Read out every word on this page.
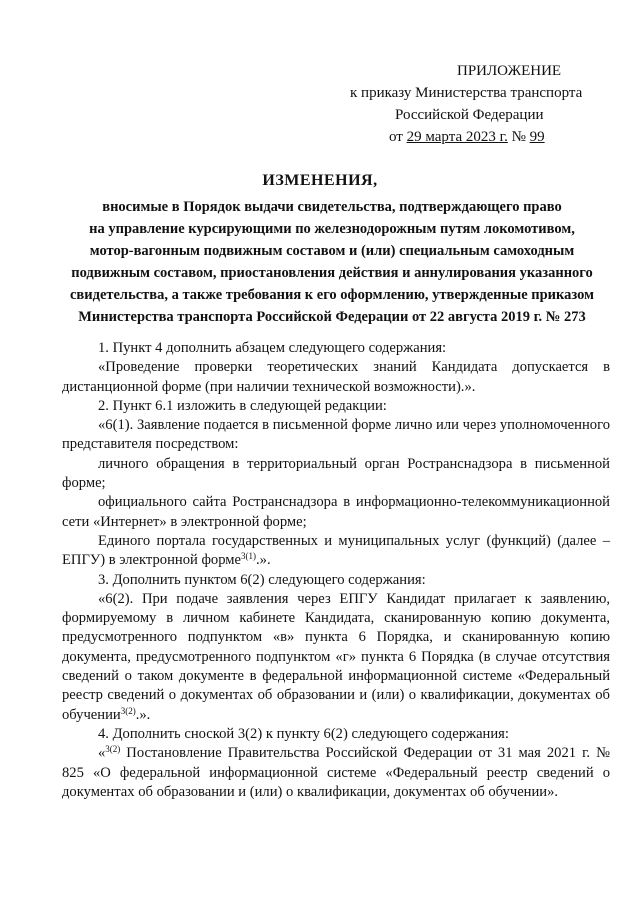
ПРИЛОЖЕНИЕ
к приказу Министерства транспорта
Российской Федерации
от 29 марта 2023 г. № 99
ИЗМЕНЕНИЯ,
вносимые в Порядок выдачи свидетельства, подтверждающего право
на управление курсирующими по железнодорожным путям локомотивом,
мотор-вагонным подвижным составом и (или) специальным самоходным
подвижным составом, приостановления действия и аннулирования указанного
свидетельства, а также требования к его оформлению, утвержденные приказом
Министерства транспорта Российской Федерации от 22 августа 2019 г. № 273

1. Пункт 4 дополнить абзацем следующего содержания:

«Проведение проверки теоретических знаний Кандидата допускается в дистанционной форме (при наличии технической возможности).».

2. Пункт 6.1 изложить в следующей редакции:

«6(1). Заявление подается в письменной форме лично или через уполномоченного представителя посредством:

личного обращения в территориальный орган Ространснадзора в письменной форме;

официального сайта Ространснадзора в информационно-телекоммуникационной сети «Интернет» в электронной форме;

Единого портала государственных и муниципальных услуг (функций) (далее – ЕПГУ) в электронной форме$^{3(1)}$.».

3. Дополнить пунктом 6(2) следующего содержания:

«6(2). При подаче заявления через ЕПГУ Кандидат прилагает к заявлению, формируемому в личном кабинете Кандидата, сканированную копию документа, предусмотренного подпунктом «в» пункта 6 Порядка, и сканированную копию документа, предусмотренного подпунктом «г» пункта 6 Порядка (в случае отсутствия сведений о таком документе в федеральной информационной системе «Федеральный реестр сведений о документах об образовании и (или) о квалификации, документах об обучении$^{3(2)}$.».

4. Дополнить сноской 3(2) к пункту 6(2) следующего содержания:

«$^{3(2)}$ Постановление Правительства Российской Федерации от 31 мая 2021 г. № 825 «О федеральной информационной системе «Федеральный реестр сведений о документах об образовании и (или) о квалификации, документах об обучении».
